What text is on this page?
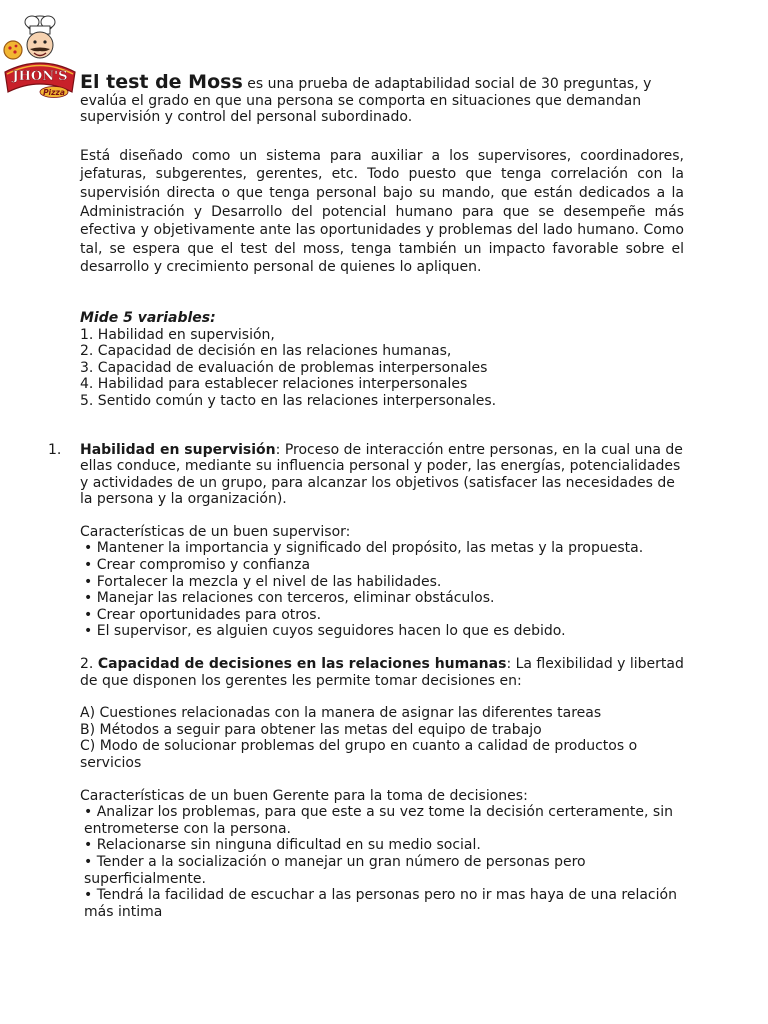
JHON'S
Pizza El test de Moss es una prueba de adaptabilidad social de 30 preguntas, y evalúa el grado en que una persona se comporta en situaciones que demandan supervisión y control del personal subordinado.

Está diseñado como un sistema para auxiliar a los supervisores, coordinadores, jefaturas, subgerentes, gerentes, etc. Todo puesto que tenga correlación con la supervisión directa o que tenga personal bajo su mando, que están dedicados a la Administración y Desarrollo del potencial humano para que se desempeñe más efectiva y objetivamente ante las oportunidades y problemas del lado humano. Como tal, se espera que el test del moss, tenga también un impacto favorable sobre el desarrollo y crecimiento personal de quienes lo apliquen.

Mide 5 variables:
1. Habilidad en supervisión,
2. Capacidad de decisión en las relaciones humanas,
3. Capacidad de evaluación de problemas interpersonales
4. Habilidad para establecer relaciones interpersonales
5. Sentido común y tacto en las relaciones interpersonales.
1. Habilidad en supervisión: Proceso de interacción entre personas, en la cual una de ellas conduce, mediante su influencia personal y poder, las energías, potencialidades y actividades de un grupo, para alcanzar los objetivos (satisfacer las necesidades de la persona y la organización).
Características de un buen supervisor:
• Mantener la importancia y significado del propósito, las metas y la propuesta.
• Crear compromiso y confianza
• Fortalecer la mezcla y el nivel de las habilidades.
• Manejar las relaciones con terceros, eliminar obstáculos.
• Crear oportunidades para otros.
• El supervisor, es alguien cuyos seguidores hacen lo que es debido.
2. Capacidad de decisiones en las relaciones humanas: La flexibilidad y libertad de que disponen los gerentes les permite tomar decisiones en:
A) Cuestiones relacionadas con la manera de asignar las diferentes tareas
B) Métodos a seguir para obtener las metas del equipo de trabajo
C) Modo de solucionar problemas del grupo en cuanto a calidad de productos o servicios
Características de un buen Gerente para la toma de decisiones:
• Analizar los problemas, para que este a su vez tome la decisión certeramente, sin entrometerse con la persona.
• Relacionarse sin ninguna dificultad en su medio social.
• Tender a la socialización o manejar un gran número de personas pero superficialmente.
• Tendrá la facilidad de escuchar a las personas pero no ir mas haya de una relación más intima
